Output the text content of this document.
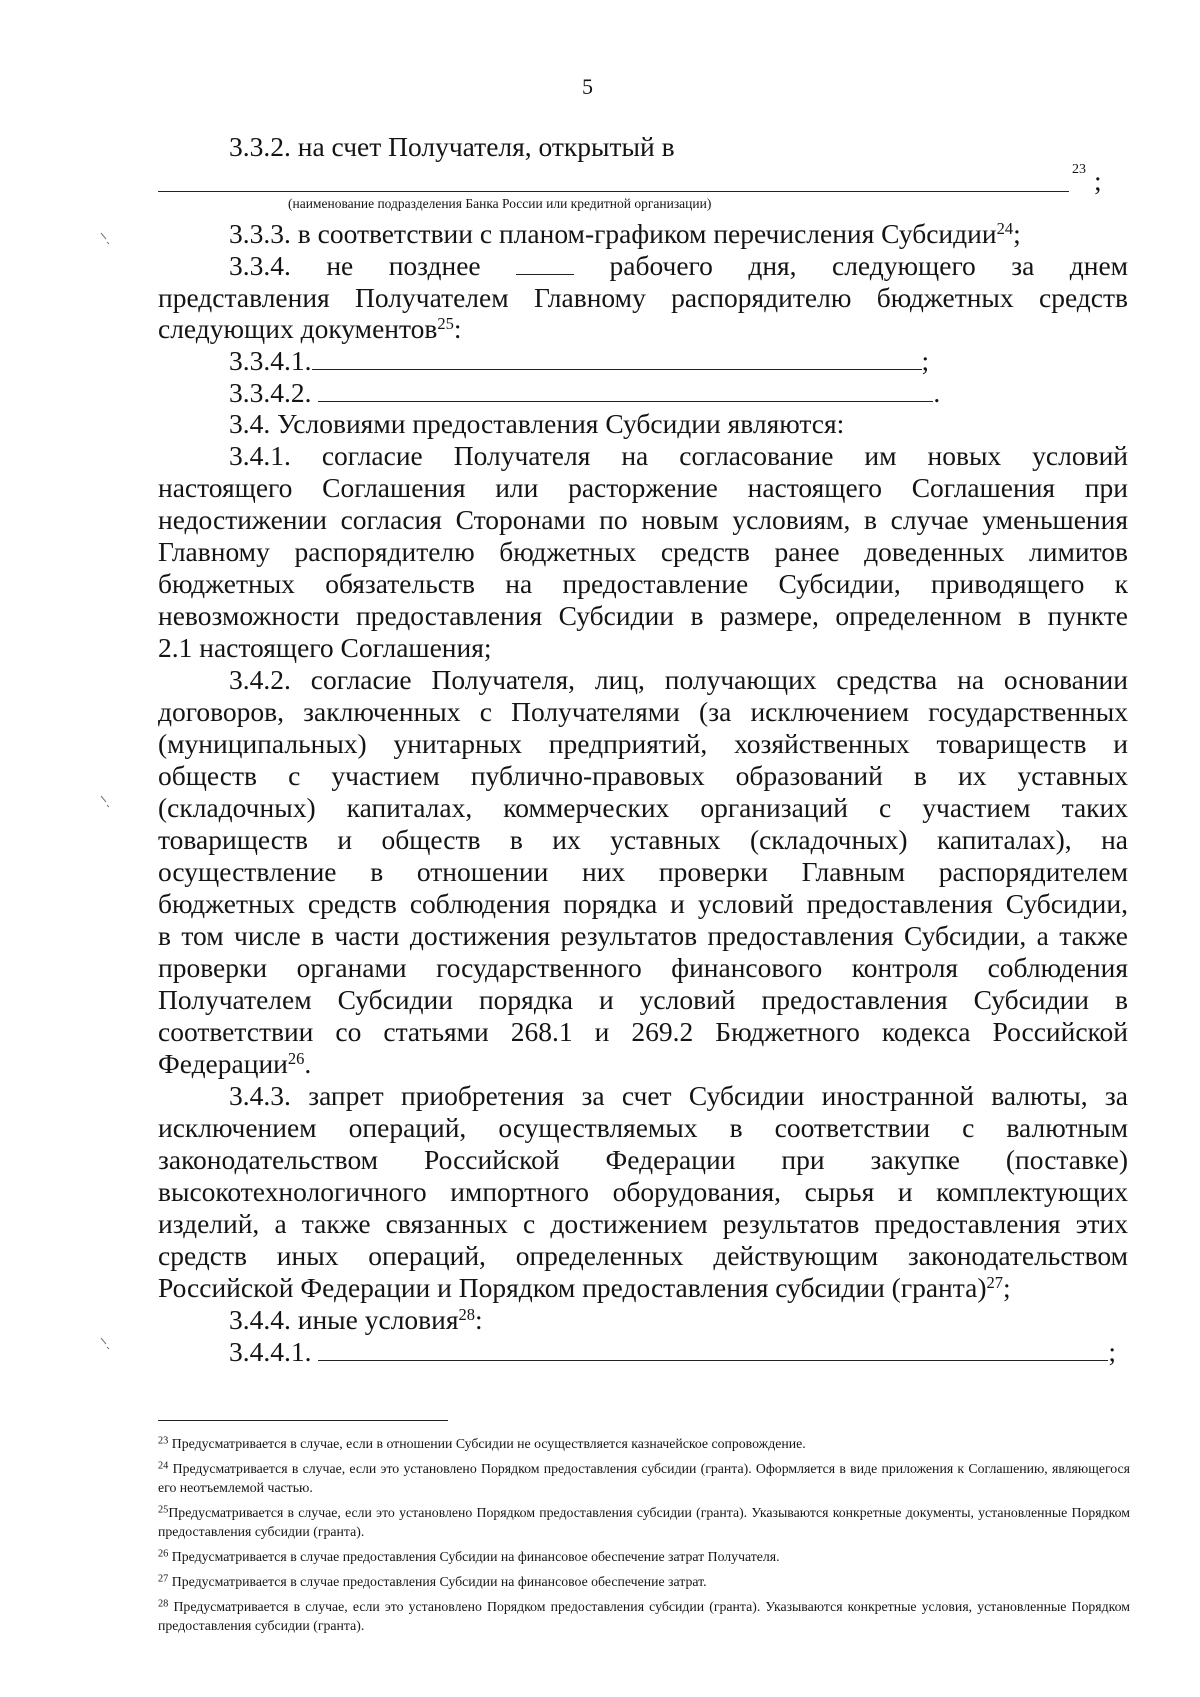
5
3.3.2. на счет Получателя, открытый в
23 ;
(наименование подразделения Банка России или кредитной организации)
3.3.3. в соответствии с планом-графиком перечисления Субсидии$^{24}$;
3.3.4. не позднее	рабочего дня, следующего за днем
представления Получателем Главному распорядителю бюджетных средств
следующих документов$^{25}$:
3.3.4.1.	;
3.3.4.2.	.
3.4. Условиями предоставления Субсидии являются:
3.4.1. согласие Получателя на согласование им новых условий
настоящего Соглашения или расторжение настоящего Соглашения при
недостижении согласия Сторонами по новым условиям, в случае уменьшения
Главному распорядителю бюджетных средств ранее доведенных лимитов
бюджетных обязательств на предоставление Субсидии, приводящего к
невозможности предоставления Субсидии в размере, определенном в пункте
2.1 настоящего Соглашения;
3.4.2. согласие Получателя, лиц, получающих средства на основании
договоров, заключенных с Получателями (за исключением государственных
(муниципальных) унитарных предприятий, хозяйственных товариществ и
обществ с участием публично-правовых образований в их уставных
(складочных) капиталах, коммерческих организаций с участием таких
товариществ и обществ в их уставных (складочных) капиталах), на
осуществление в отношении них проверки Главным распорядителем
бюджетных средств соблюдения порядка и условий предоставления Субсидии,
в том числе в части достижения результатов предоставления Субсидии, а также
проверки органами государственного финансового контроля соблюдения
Получателем Субсидии порядка и условий предоставления Субсидии в
соответствии со статьями 268.1 и 269.2 Бюджетного кодекса Российской
Федерации$^{26}$.
3.4.3. запрет приобретения за счет Субсидии иностранной валюты, за
исключением операций, осуществляемых в соответствии с валютным
законодательством Российской Федерации при закупке (поставке)
высокотехнологичного импортного оборудования, сырья и комплектующих
изделий, а также связанных с достижением результатов предоставления этих
средств иных операций, определенных действующим законодательством
Российской Федерации и Порядком предоставления субсидии (гранта)$^{27}$;
3.4.4. иные условия$^{28}$:
3.4.4.1.	;
$^{23}$ Предусматривается в случае, если в отношении Субсидии не осуществляется казначейское сопровождение.
$^{24}$ Предусматривается в случае, если это установлено Порядком предоставления субсидии (гранта). Оформляется в виде приложения к Соглашению, являющегося его неотъемлемой частью.
$^{25}$Предусматривается в случае, если это установлено Порядком предоставления субсидии (гранта). Указываются конкретные документы, установленные Порядком предоставления субсидии (гранта).
$^{26}$ Предусматривается в случае предоставления Субсидии на финансовое обеспечение затрат Получателя.
$^{27}$ Предусматривается в случае предоставления Субсидии на финансовое обеспечение затрат.
$^{28}$ Предусматривается в случае, если это установлено Порядком предоставления субсидии (гранта). Указываются конкретные условия, установленные Порядком предоставления субсидии (гранта).
